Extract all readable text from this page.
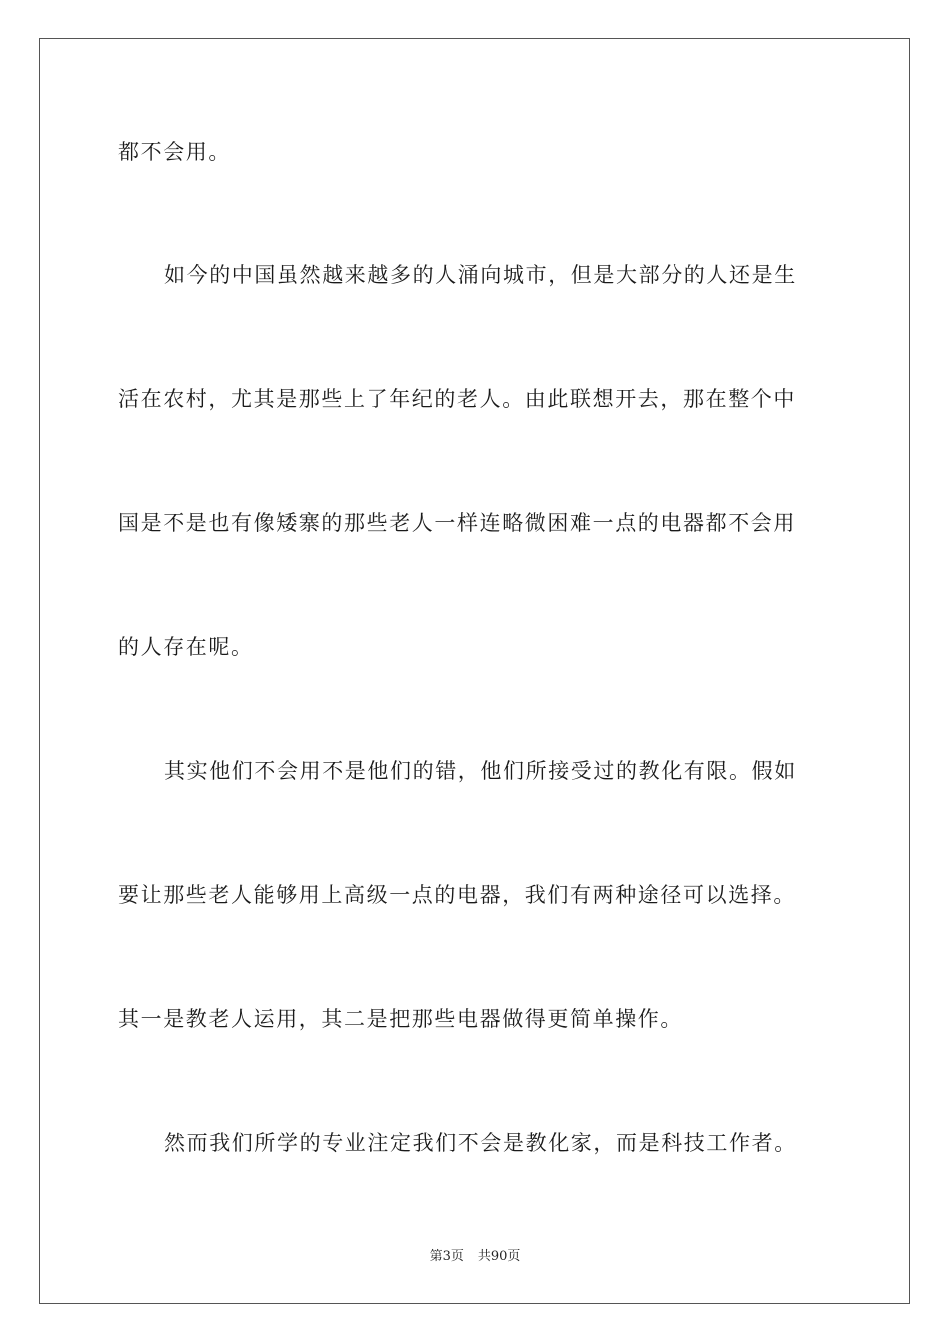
都不会用。
如今的中国虽然越来越多的人涌向城市，但是大部分的人还是生
活在农村，尤其是那些上了年纪的老人。由此联想开去，那在整个中
国是不是也有像矮寨的那些老人一样连略微困难一点的电器都不会用
的人存在呢。
其实他们不会用不是他们的错，他们所接受过的教化有限。假如
要让那些老人能够用上高级一点的电器，我们有两种途径可以选择。
其一是教老人运用，其二是把那些电器做得更简单操作。
然而我们所学的专业注定我们不会是教化家，而是科技工作者。
第3页 共90页
